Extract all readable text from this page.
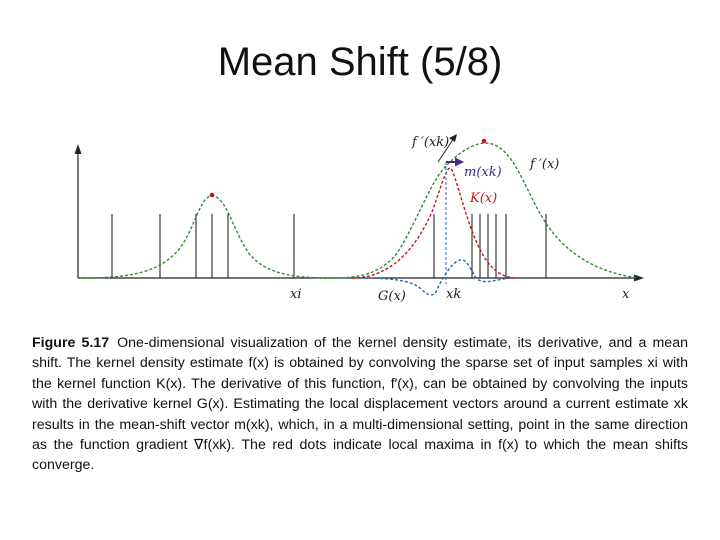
Mean Shift (5/8)
f ′(xk)
m(xk)
f ′(x)
K(x)
xi	G(x)	xk	x
Figure 5.17 One-dimensional visualization of the kernel density estimate, its derivative, and a mean shift. The kernel density estimate f(x) is obtained by convolving the sparse set of input samples xi with the kernel function K(x). The derivative of this function, f′(x), can be obtained by convolving the inputs with the derivative kernel G(x). Estimating the local displacement vectors around a current estimate xk results in the mean-shift vector m(xk), which, in a multi-dimensional setting, point in the same direction as the function gradient ∇f(xk). The red dots indicate local maxima in f(x) to which the mean shifts converge.
